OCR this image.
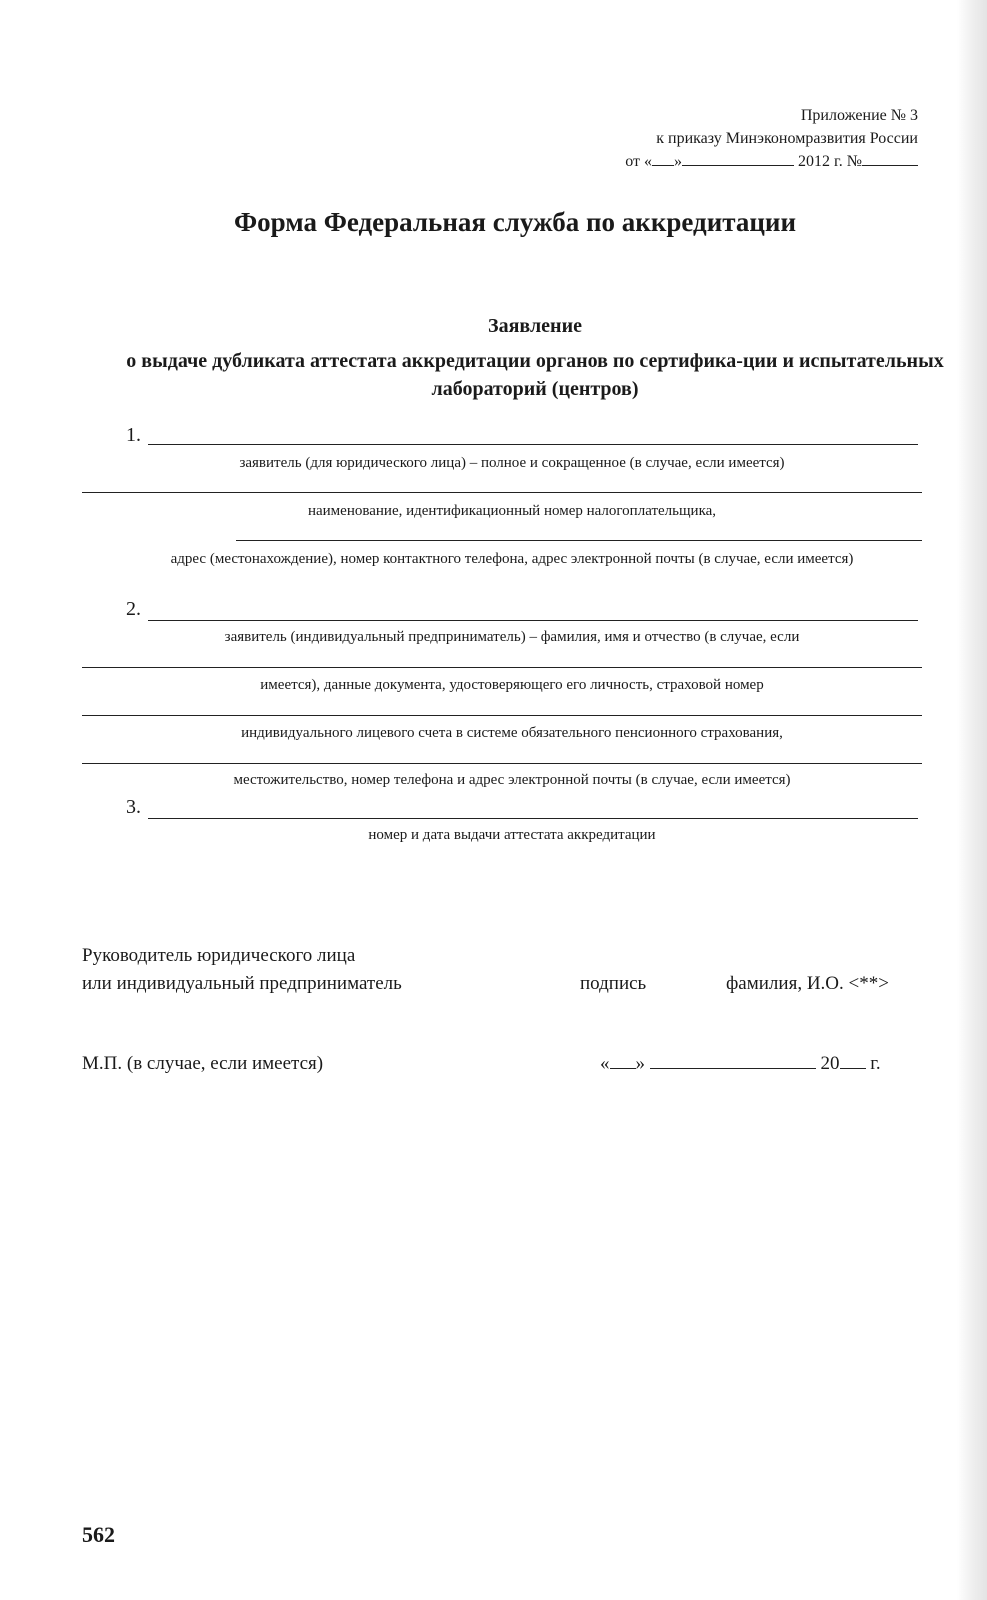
Приложение № 3
к приказу Минэкономразвития России
от « »	2012 г. №
Форма Федеральная служба по аккредитации
Заявление
о выдаче дубликата аттестата аккредитации органов по сертифика-ции и испытательных лабораторий (центров)
1.
заявитель (для юридического лица) – полное и сокращенное (в случае, если имеется)
наименование, идентификационный номер налогоплательщика,
адрес (местонахождение), номер контактного телефона, адрес электронной почты (в случае, если имеется)
2.
заявитель (индивидуальный предприниматель) – фамилия, имя и отчество (в случае, если
имеется), данные документа, удостоверяющего его личность, страховой номер
индивидуального лицевого счета в системе обязательного пенсионного страхования,
местожительство, номер телефона и адрес электронной почты (в случае, если имеется)
3.
номер и дата выдачи аттестата аккредитации
Руководитель юридического лица
или индивидуальный предприниматель	подпись	фамилия, И.О. <**>
М.П. (в случае, если имеется)	« »	20 г.
562
